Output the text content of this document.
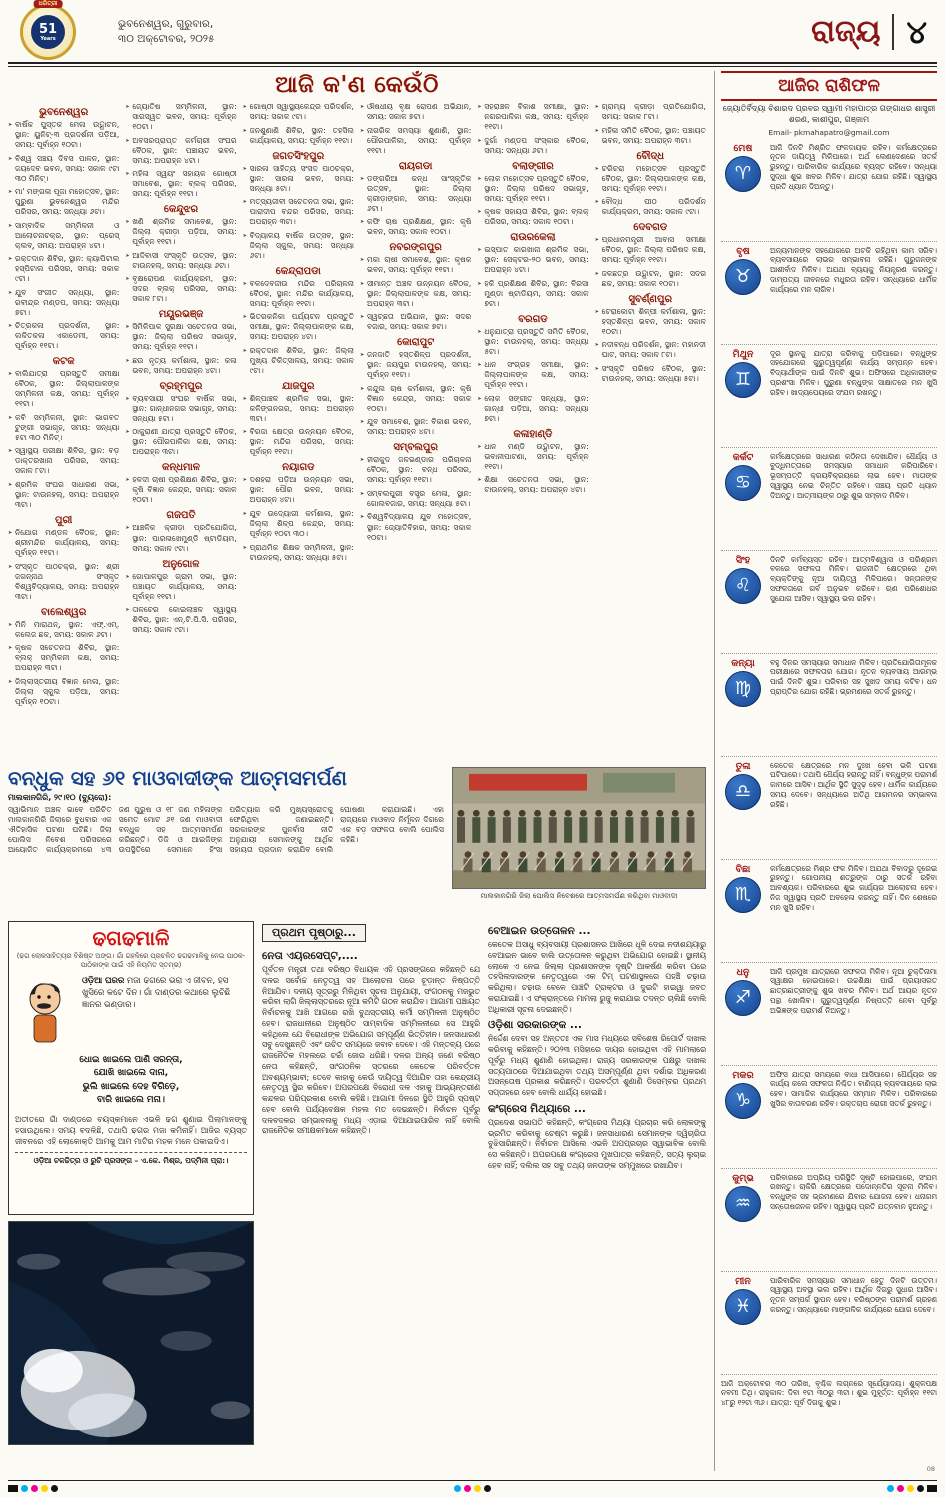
ଧରିତ୍ରୀ
51
Years
ଭୁବନେଶ୍ୱର, ଗୁରୁବାର,
୩୦ ଅକ୍ଟୋବର, ୨୦୨୫	ରାଜ୍ୟ ୪
ଆଜି କ'ଣ କେଉଁଠି
ଭୁବନେଶ୍ୱର
➤ ବାର୍ଷିକ ପୁସ୍ତକ ମେଳା ଉଦ୍ଘାଟନ, ସ୍ଥାନ: ୟୁନିଟ୍-୩ ପ୍ରଦର୍ଶନୀ ପଡ଼ିଆ, ସମୟ: ପୂର୍ବାହ୍ନ ୧୦ଟା।
➤ ବିଶ୍ୱ ସଞ୍ଚୟ ଦିବସ ପାଳନ, ସ୍ଥାନ: ଜୟଦେବ ଭବନ, ସମୟ: ସକାଳ ୯ଟା ୩୦ ମିନିଟ୍।
➤ ମା' ମଙ୍ଗଳା ପୂଜା ମହୋତ୍ସବ, ସ୍ଥାନ: ପୁରୁଣା ଭୁବନେଶ୍ୱର ମନ୍ଦିର ପରିସର, ସମୟ: ସନ୍ଧ୍ୟା ୬ଟା।
➤ ସାମ୍ବାଦିକ ସମ୍ମିଳନୀ ଓ ଆଲୋଚନାଚକ୍ର, ସ୍ଥାନ: ପ୍ରେସ୍ କ୍ଲବ୍, ସମୟ: ଅପରାହ୍ନ ୪ଟା।
➤ ରକ୍ତଦାନ ଶିବିର, ସ୍ଥାନ: କ୍ୟାପିଟାଲ ହସ୍ପିଟାଲ ପରିସର, ସମୟ: ସକାଳ ୯ଟା।
➤ ଯୁବ ସଂଗୀତ ସନ୍ଧ୍ୟା, ସ୍ଥାନ: ରବୀନ୍ଦ୍ର ମଣ୍ଡପ, ସମୟ: ସନ୍ଧ୍ୟା ୭ଟା।
➤ ଚିତ୍ରକଳା ପ୍ରଦର୍ଶନୀ, ସ୍ଥାନ: ଲଳିତକଳା ଏକାଡେମୀ, ସମୟ: ପୂର୍ବାହ୍ନ ୧୧ଟା।
କଟକ
➤ ବାଲିଯାତ୍ରା ପ୍ରସ୍ତୁତି ସମୀକ୍ଷା ବୈଠକ, ସ୍ଥାନ: ଜିଲ୍ଲାପାଳଙ୍କ ସମ୍ମିଳନୀ କକ୍ଷ, ସମୟ: ପୂର୍ବାହ୍ନ ୧୧ଟା।
➤ କବି ସମ୍ମିଳନୀ, ସ୍ଥାନ: ଭାଗବତ ଟୁଙ୍ଗୀ ସଭାଗୃହ, ସମୟ: ସନ୍ଧ୍ୟା ୫ଟା ୩୦ ମିନିଟ୍।
➤ ସ୍ୱାସ୍ଥ୍ୟ ପରୀକ୍ଷା ଶିବିର, ସ୍ଥାନ: ବଡ଼ ଡାକ୍ତରଖାନା ପରିସର, ସମୟ: ସକାଳ ୮ଟା।
➤ ଶ୍ରମିକ ସଂଘର ସାଧାରଣ ସଭା, ସ୍ଥାନ: ଟାଉନହଲ୍, ସମୟ: ଅପରାହ୍ନ ୩ଟା।
ପୁରୀ
➤ ନିଯୋଗ ମଣ୍ଡଳ ବୈଠକ, ସ୍ଥାନ: ଶ୍ରୀମନ୍ଦିର କାର୍ଯ୍ୟାଳୟ, ସମୟ: ପୂର୍ବାହ୍ନ ୧୧ଟା।
➤ ସଂସ୍କୃତ ପାଠଚକ୍ର, ସ୍ଥାନ: ଶ୍ରୀ ଜଗନ୍ନାଥ ସଂସ୍କୃତ ବିଶ୍ୱବିଦ୍ୟାଳୟ, ସମୟ: ଅପରାହ୍ନ ୩ଟା।
ବାଲେଶ୍ୱର
➤ ମିନି ମାରାଥନ୍, ସ୍ଥାନ: ଏଫ୍.ଏମ୍. କଲେଜ ଛକ, ସମୟ: ସକାଳ ୬ଟା।
➤ କୃଷକ ସଚେତନତା ଶିବିର, ସ୍ଥାନ: ବ୍ଲକ୍ ସମ୍ମିଳନୀ କକ୍ଷ, ସମୟ: ଅପରାହ୍ନ ୩ଟା।
➤ ଜିଲ୍ଲାସ୍ତରୀୟ ବିଜ୍ଞାନ ମେଳା, ସ୍ଥାନ: ଜିଲ୍ଲା ସ୍କୁଲ ପଡ଼ିଆ, ସମୟ: ପୂର୍ବାହ୍ନ ୧୦ଟା।
➤ ଜ୍ୟୋତିଷ ସମ୍ମିଳନୀ, ସ୍ଥାନ: ସାରସ୍ୱତ ଭବନ, ସମୟ: ପୂର୍ବାହ୍ନ ୧୦ଟା।
➤ ଅବସରପ୍ରାପ୍ତ କର୍ମଚାରୀ ସଂଘର ବୈଠକ, ସ୍ଥାନ: ପଞ୍ଚାୟତ ଭବନ, ସମୟ: ଅପରାହ୍ନ ୪ଟା।
➤ ମହିଳା ସ୍ୱୟଂ ସହାୟକ ଗୋଷ୍ଠୀ ସମାବେଶ, ସ୍ଥାନ: ବ୍ଲକ୍ ପରିସର, ସମୟ: ପୂର୍ବାହ୍ନ ୧୧ଟା।
କେନ୍ଦୁଝର
➤ ଖଣି ଶ୍ରମିକ ସମାବେଶ, ସ୍ଥାନ: ଜିଲ୍ଲା କ୍ରୀଡ଼ା ପଡ଼ିଆ, ସମୟ: ପୂର୍ବାହ୍ନ ୧୧ଟା।
➤ ଆଦିବାସୀ ସଂସ୍କୃତି ଉତ୍ସବ, ସ୍ଥାନ: ଟାଉନହଲ୍, ସମୟ: ସନ୍ଧ୍ୟା ୬ଟା।
➤ ବୃକ୍ଷରୋପଣ କାର୍ଯ୍ୟକ୍ରମ, ସ୍ଥାନ: ସଦର ବ୍ଲକ୍ ପରିସର, ସମୟ: ସକାଳ ୮ଟା।
ମୟୂରଭଞ୍ଜ
➤ ସିମିଳିପାଳ ସୁରକ୍ଷା ସଚେତନତା ସଭା, ସ୍ଥାନ: ଜିଲ୍ଲା ପରିଷଦ ସଭାଗୃହ, ସମୟ: ପୂର୍ବାହ୍ନ ୧୧ଟା।
➤ ଛଉ ନୃତ୍ୟ କର୍ମଶାଳା, ସ୍ଥାନ: କଳା ଭବନ, ସମୟ: ଅପରାହ୍ନ ୪ଟା।
ବ୍ରହ୍ମପୁର
➤ ବ୍ୟବସାୟୀ ସଂଘର ବାର୍ଷିକ ସଭା, ସ୍ଥାନ: ଗାନ୍ଧୀନଗର ସଭାଗୃହ, ସମୟ: ସନ୍ଧ୍ୟା ୫ଟା।
➤ ଠାକୁରାଣୀ ଯାତ୍ରା ପ୍ରସ୍ତୁତି ବୈଠକ, ସ୍ଥାନ: ପୌରପାଳିକା କକ୍ଷ, ସମୟ: ଅପରାହ୍ନ ୩ଟା।
କନ୍ଧମାଳ
➤ ହଳଦୀ ଚାଷୀ ପ୍ରଶିକ୍ଷଣ ଶିବିର, ସ୍ଥାନ: କୃଷି ବିଜ୍ଞାନ କେନ୍ଦ୍ର, ସମୟ: ସକାଳ ୧୦ଟା।
ଗଜପତି
➤ ଆଞ୍ଚଳିକ କ୍ରୀଡ଼ା ପ୍ରତିଯୋଗିତା, ସ୍ଥାନ: ପାରଳାଖେମୁଣ୍ଡି ଷ୍ଟାଡିୟମ, ସମୟ: ସକାଳ ୯ଟା।
ଅନୁଗୋଳ
➤ ଗୋପାଳପୁର ଗ୍ରାମ ସଭା, ସ୍ଥାନ: ପଞ୍ଚାୟତ କାର୍ଯ୍ୟାଳୟ, ସମୟ: ପୂର୍ବାହ୍ନ ୧୧ଟା।
➤ ତାଳଚେର କୋଇଲାଞ୍ଚଳ ସ୍ୱାସ୍ଥ୍ୟ ଶିବିର, ସ୍ଥାନ: ଏନ୍.ଟି.ପି.ସି. ପରିସର, ସମୟ: ସକାଳ ୯ଟା।
➤ ଗୋଷ୍ଠୀ ସ୍ୱାସ୍ଥ୍ୟକେନ୍ଦ୍ର ପରିଦର୍ଶନ, ସମୟ: ସକାଳ ୯ଟା।
➤ ଜନଶୁଣାଣି ଶିବିର, ସ୍ଥାନ: ତହସିଲ କାର୍ଯ୍ୟାଳୟ, ସମୟ: ପୂର୍ବାହ୍ନ ୧୧ଟା।
ଜଗତସିଂହପୁର
➤ ସାରଳା ସାହିତ୍ୟ ସଂସଦ ପାଠଚକ୍ର, ସ୍ଥାନ: ସାରଳା ଭବନ, ସମୟ: ସନ୍ଧ୍ୟା ୫ଟା।
➤ ମତ୍ସ୍ୟଜୀବୀ ସଚେତନତା ସଭା, ସ୍ଥାନ: ପାରାଦୀପ ବନ୍ଦର ପରିସର, ସମୟ: ଅପରାହ୍ନ ୩ଟା।
➤ ବିଦ୍ୟାଳୟ ବାର୍ଷିକ ଉତ୍ସବ, ସ୍ଥାନ: ଜିଲ୍ଲା ସ୍କୁଲ, ସମୟ: ସନ୍ଧ୍ୟା ୬ଟା।
କେନ୍ଦ୍ରାପଡା
➤ ବଳଦେବଜୀଉ ମନ୍ଦିର ପରିଚାଳନା ବୈଠକ, ସ୍ଥାନ: ମନ୍ଦିର କାର୍ଯ୍ୟାଳୟ, ସମୟ: ପୂର୍ବାହ୍ନ ୧୧ଟା।
➤ ଭିତରକନିକା ପର୍ଯ୍ୟଟନ ପ୍ରସ୍ତୁତି ସମୀକ୍ଷା, ସ୍ଥାନ: ଜିଲ୍ଲାପାଳଙ୍କ କକ୍ଷ, ସମୟ: ଅପରାହ୍ନ ୪ଟା।
➤ ରକ୍ତଦାନ ଶିବିର, ସ୍ଥାନ: ଜିଲ୍ଲା ମୁଖ୍ୟ ଚିକିତ୍ସାଳୟ, ସମୟ: ସକାଳ ୯ଟା।
ଯାଜପୁର
➤ ଶିଳ୍ପାଞ୍ଚଳ ଶ୍ରମିକ ସଭା, ସ୍ଥାନ: କଳିଙ୍ଗନଗର, ସମୟ: ଅପରାହ୍ନ ୩ଟା।
➤ ବିରଜା କ୍ଷେତ୍ର ଉନ୍ନୟନ ବୈଠକ, ସ୍ଥାନ: ମନ୍ଦିର ପରିସର, ସମୟ: ପୂର୍ବାହ୍ନ ୧୧ଟା।
ନୟାଗଡ
➤ ଦଶହରା ପଡ଼ିଆ ଉନ୍ନୟନ ସଭା, ସ୍ଥାନ: ପୌର ଭବନ, ସମୟ: ଅପରାହ୍ନ ୪ଟା।
➤ ଯୁବ ଉଦ୍ୟୋଗୀ କର୍ମଶାଳା, ସ୍ଥାନ: ଜିଲ୍ଲା ଶିଳ୍ପ କେନ୍ଦ୍ର, ସମୟ: ପୂର୍ବାହ୍ନ ୧୦ଟା ୩୦।
➤ ପ୍ରାଥମିକ ଶିକ୍ଷକ ସମ୍ମିଳନୀ, ସ୍ଥାନ: ଟାଉନହଲ୍, ସମୟ: ସନ୍ଧ୍ୟା ୫ଟା।
➤ ଔଷଧୀୟ ବୃକ୍ଷ ରୋପଣ ଅଭିଯାନ, ସମୟ: ସକାଳ ୭ଟା।
➤ ନାଗରିକ ସମସ୍ୟା ଶୁଣାଣି, ସ୍ଥାନ: ପୌରପାଳିକା, ସମୟ: ପୂର୍ବାହ୍ନ ୧୧ଟା।
ରାୟଗଡା
➤ ଡଙ୍ଗରିଆ କନ୍ଧ ସାଂସ୍କୃତିକ ଉତ୍ସବ, ସ୍ଥାନ: ଜିଲ୍ଲା କ୍ରୀଡ଼ାଙ୍ଗନ, ସମୟ: ସନ୍ଧ୍ୟା ୬ଟା।
➤ କଫି ଚାଷ ପ୍ରଶିକ୍ଷଣ, ସ୍ଥାନ: କୃଷି ଭବନ, ସମୟ: ସକାଳ ୧୦ଟା।
ନବରଙ୍ଗପୁର
➤ ମକା ଚାଷୀ ସମାବେଶ, ସ୍ଥାନ: କୃଷକ ଭବନ, ସମୟ: ପୂର୍ବାହ୍ନ ୧୧ଟା।
➤ ସୀମାନ୍ତ ଅଞ୍ଚଳ ଉନ୍ନୟନ ବୈଠକ, ସ୍ଥାନ: ଜିଲ୍ଲାପାଳଙ୍କ କକ୍ଷ, ସମୟ: ଅପରାହ୍ନ ୩ଟା।
➤ ସ୍ୱଚ୍ଛତା ଅଭିଯାନ, ସ୍ଥାନ: ସଦର ବଜାର, ସମୟ: ସକାଳ ୭ଟା।
କୋରାପୁଟ
➤ ଜନଜାତି ହସ୍ତଶିଳ୍ପ ପ୍ରଦର୍ଶନୀ, ସ୍ଥାନ: ଜୟପୁର ଟାଉନହଲ୍, ସମୟ: ପୂର୍ବାହ୍ନ ୧୧ଟା।
➤ କନ୍ଦୁଲ ଚାଷ କର୍ମଶାଳା, ସ୍ଥାନ: କୃଷି ବିଜ୍ଞାନ କେନ୍ଦ୍ର, ସମୟ: ସକାଳ ୧୦ଟା।
➤ ଯୁବ ସମାବେଶ, ସ୍ଥାନ: ବିକାଶ ଭବନ, ସମୟ: ଅପରାହ୍ନ ୪ଟା।
ସମ୍ବଲପୁର
➤ ହୀରାକୁଦ ଜଳଭଣ୍ଡାର ପରିଚାଳନା ବୈଠକ, ସ୍ଥାନ: ବନ୍ଧ ପରିସର, ସମୟ: ପୂର୍ବାହ୍ନ ୧୧ଟା।
➤ ସମ୍ବଲପୁରୀ ବସ୍ତ୍ର ମେଳା, ସ୍ଥାନ: ଗୋଲବଜାର, ସମୟ: ସନ୍ଧ୍ୟା ୫ଟା।
➤ ବିଶ୍ୱବିଦ୍ୟାଳୟ ଯୁବ ମହୋତ୍ସବ, ସ୍ଥାନ: ଜ୍ୟୋତିବିହାର, ସମୟ: ସକାଳ ୧୦ଟା।
➤ ସହରାଞ୍ଚଳ ବିକାଶ ସମୀକ୍ଷା, ସ୍ଥାନ: ନଗରପାଳିକା କକ୍ଷ, ସମୟ: ପୂର୍ବାହ୍ନ ୧୧ଟା।
➤ ଦୁର୍ଗା ମଣ୍ଡପ ସଂସ୍କାର ବୈଠକ, ସମୟ: ସନ୍ଧ୍ୟା ୬ଟା।
ବଲାଙ୍ଗୀର
➤ ଲୋକ ମହୋତ୍ସବ ପ୍ରସ୍ତୁତି ବୈଠକ, ସ୍ଥାନ: ଜିଲ୍ଲା ପରିଷଦ ସଭାଗୃହ, ସମୟ: ପୂର୍ବାହ୍ନ ୧୧ଟା।
➤ କୃଷକ ସହାୟତା ଶିବିର, ସ୍ଥାନ: ବ୍ଲକ୍ ପରିସର, ସମୟ: ସକାଳ ୧୦ଟା।
ରାଉରକେଲା
➤ ଇସ୍ପାତ କାରଖାନା ଶ୍ରମିକ ସଭା, ସ୍ଥାନ: ସେକ୍ଟର-୨୦ ଭବନ, ସମୟ: ଅପରାହ୍ନ ୪ଟା।
➤ ହକି ପ୍ରଶିକ୍ଷଣ ଶିବିର, ସ୍ଥାନ: ବିରସା ମୁଣ୍ଡା ଷ୍ଟାଡିୟମ, ସମୟ: ସକାଳ ୭ଟା।
ବରଗଡ
➤ ଧନୁଯାତ୍ରା ପ୍ରସ୍ତୁତି ସମିତି ବୈଠକ, ସ୍ଥାନ: ଟାଉନହଲ୍, ସମୟ: ସନ୍ଧ୍ୟା ୫ଟା।
➤ ଧାନ ସଂଗ୍ରହ ସମୀକ୍ଷା, ସ୍ଥାନ: ଜିଲ୍ଲାପାଳଙ୍କ କକ୍ଷ, ସମୟ: ପୂର୍ବାହ୍ନ ୧୧ଟା।
➤ ଲୋକ ସଙ୍ଗୀତ ସନ୍ଧ୍ୟା, ସ୍ଥାନ: ଗାନ୍ଧୀ ପଡ଼ିଆ, ସମୟ: ସନ୍ଧ୍ୟା ୭ଟା।
କଳାହାଣ୍ଡି
➤ ଧାନ ମଣ୍ଡି ଉଦ୍ଘାଟନ, ସ୍ଥାନ: ଭବାନୀପାଟଣା, ସମୟ: ପୂର୍ବାହ୍ନ ୧୧ଟା।
➤ ଶିକ୍ଷା ସଚେତନତା ସଭା, ସ୍ଥାନ: ଟାଉନହଲ୍, ସମୟ: ଅପରାହ୍ନ ୪ଟା।
➤ ଗ୍ରାମ୍ୟ କ୍ରୀଡ଼ା ପ୍ରତିଯୋଗିତା, ସମୟ: ସକାଳ ୮ଟା।
➤ ମହିଳା ସମିତି ବୈଠକ, ସ୍ଥାନ: ପଞ୍ଚାୟତ ଭବନ, ସମୟ: ଅପରାହ୍ନ ୩ଟା।
ବୌଦ୍ଧ
➤ ଚରିଚରା ମହୋତ୍ସବ ପ୍ରସ୍ତୁତି ବୈଠକ, ସ୍ଥାନ: ଜିଲ୍ଲାପାଳଙ୍କ କକ୍ଷ, ସମୟ: ପୂର୍ବାହ୍ନ ୧୧ଟା।
➤ ବୌଦ୍ଧ ପୀଠ ପରିଦର୍ଶନ କାର୍ଯ୍ୟକ୍ରମ, ସମୟ: ସକାଳ ୯ଟା।
ଦେବଗଡ
➤ ପ୍ରଧାନମନ୍ତ୍ରୀ ଆବାସ ସମୀକ୍ଷା ବୈଠକ, ସ୍ଥାନ: ଜିଲ୍ଲା ପରିଷଦ କକ୍ଷ, ସମୟ: ପୂର୍ବାହ୍ନ ୧୧ଟା।
➤ ଜଳଛତ୍ର ଉଦ୍ଘାଟନ, ସ୍ଥାନ: ସଦର ଛକ, ସମୟ: ସକାଳ ୧୦ଟା।
ସୁବର୍ଣ୍ଣପୁର
➤ ଟେରାକୋଟା ଶିଳ୍ପୀ କର୍ମଶାଳା, ସ୍ଥାନ: ହସ୍ତଶିଳ୍ପ ଭବନ, ସମୟ: ସକାଳ ୧୦ଟା।
➤ ନଦୀବନ୍ଧ ପରିଦର୍ଶନ, ସ୍ଥାନ: ମହାନଦୀ ଘାଟ, ସମୟ: ସକାଳ ୮ଟା।
➤ ସଂସ୍କୃତି ପରିଷଦ ବୈଠକ, ସ୍ଥାନ: ଟାଉନହଲ୍, ସମୟ: ସନ୍ଧ୍ୟା ୫ଟା।
ବନ୍ଧୁକ ସହ ୬୧ ମାଓବାଦୀଙ୍କ ଆତ୍ମସମର୍ପଣ
ମାଲକାନଗିରି, ୨୯।୧୦ (ବ୍ୟୁରୋ):
ସ୍ୱାଭିମାନ ଅଞ୍ଚଳ ଭାବେ ପରିଚିତ ମାଲକାନଗିରି ଜିଲାରେ ବୁଧବାର ଏକ ଐତିହାସିକ ଘଟଣା ଘଟିଛି। ଜିଲା ପୋଲିସ ନିବେଶ ପରିସରରେ ଆୟୋଜିତ କାର୍ଯ୍ୟକ୍ରମରେ ୪୩ ଜଣ ପୁରୁଷ ଓ ୧୮ ଜଣ ମହିଳାଙ୍କ ସମେତ ମୋଟ ୬୧ ଜଣ ମାଓବାଦୀ ବନ୍ଧୁକ ସହ ଆତ୍ମସମର୍ପଣ କରିଛନ୍ତି। ଡିଜି ଓ ଆଇଜିଙ୍କ ଉପସ୍ଥିତିରେ ସେମାନେ ହିଂସା ପରିତ୍ୟାଗ କରି ମୁଖ୍ୟସ୍ରୋତକୁ ଫେରିଥିବା ଜଣାଇଛନ୍ତି। ସରକାରଙ୍କ ପୁନର୍ବାସ ନୀତି ଅନୁଯାୟୀ ସେମାନଙ୍କୁ ଆର୍ଥିକ ସହାୟତା ପ୍ରଦାନ କରାଯିବ ବୋଲି ଘୋଷଣା କରାଯାଇଛି। ଏହା ରାଜ୍ୟରେ ମାଓବାଦ ନିର୍ମୂଳନ ଦିଗରେ ଏକ ବଡ଼ ସଫଳତା ବୋଲି ପୋଲିସ କହିଛି।
ମାଲକାନଗିରି ଜିଲା ପୋଲିସ ନିବେଶରେ ଆତ୍ମସମର୍ପଣ କରିଥିବା ମାଓବାଦୀ
ଢଗଢମାଳି
(ଢଗ ଲୋକସାହିତ୍ୟର ବିଶିଷ୍ଟ ଅଙ୍ଗ। ଗାଁ ଗହଳିରେ ପ୍ରଚଳିତ ଢଗଢମାଳିକୁ ନେଇ ପାଠକ-ପାଠିକାଙ୍କ ପାଇଁ ଏହି ନିୟମିତ ସ୍ତମ୍ଭ)
ଓଡ଼ିଆ ଘରର ମଜା ଢଗରେ ଭରା ଏ ଜୀବନ, ହସ ଖୁସିରେ କଟେ ଦିନ। ଗାଁ ଦାଣ୍ଡର କଥାରେ ଲୁଚିଛି ଜ୍ଞାନର ଭଣ୍ଡାର।
ଧୋଇ ଖାଇଲେ ପାଣି ସରନ୍ତା,
ଯୋଖି ଖାଇଲେ ଦାନା,
ଭୁଲି ଖାଇଲେ ଦେହ ବିଗିଡ଼େ,
ବାରି ଖାଇଲେ ମନା।
ଅତୀତରେ ଗାଁ ଦାଣ୍ଡରେ ବୟସ୍କମାନେ ଏଭଳି ଢଗ ଶୁଣାଇ ପିଲାମାନଙ୍କୁ ହସାଉଥିଲେ। ସମୟ ବଦଳିଛି, ତଥାପି ଢଗର ମଜା କମିନାହିଁ। ଆଜିର ବ୍ୟସ୍ତ ଜୀବନରେ ଏହି ଲୋକୋକ୍ତି ଆମକୁ ଆମ ମାଟିର ମହକ ମନେ ପକାଇଦିଏ।
ଓଡ଼ିଆ ଚଳଚ୍ଚିତ୍ର ଓ ରୁଚି ପ୍ରସଙ୍ଗ – ଏ.କେ. ମିଶ୍ର, ପଦ୍ମିନୀ ପ୍ରା:।
ପ୍ରଥମ ପୃଷ୍ଠାରୁ...
ନେତା ଏୟରସେପ୍ଟ,....
ପୂର୍ବତନ ମନ୍ତ୍ରୀ ତଥା ବରିଷ୍ଠ ବିଧାୟକ ଏହି ପ୍ରସଙ୍ଗରେ କହିଛନ୍ତି ଯେ ଦଳର ସର୍ବୋଚ୍ଚ ନେତୃତ୍ୱ ସହ ଆଲୋଚନା ପରେ ଚୂଡ଼ାନ୍ତ ନିଷ୍ପତ୍ତି ନିଆଯିବ। ଦଳୀୟ ସୂତ୍ରରୁ ମିଳିଥିବା ସୂଚନା ଅନୁଯାୟୀ, ସଂଗଠନକୁ ମଜଭୁତ କରିବା ଲାଗି ଜିଲ୍ଲାସ୍ତରରେ ନୂଆ କମିଟି ଗଠନ କରାଯିବ। ଆଗାମୀ ପଞ୍ଚାୟତ ନିର୍ବାଚନକୁ ଆଖି ଆଗରେ ରଖି ବୁଥସ୍ତରୀୟ କର୍ମୀ ସମ୍ମିଳନୀ ଅନୁଷ୍ଠିତ ହେବ। ରାଜଧାନୀରେ ଅନୁଷ୍ଠିତ ସାମ୍ବାଦିକ ସମ୍ମିଳନୀରେ ସେ ଆହୁରି କହିଥିଲେ ଯେ ବିରୋଧୀଙ୍କ ଅଭିଯୋଗ ସମ୍ପୂର୍ଣ୍ଣ ଭିତ୍ତିହୀନ। ଜନସାଧାରଣ ସବୁ ଦେଖୁଛନ୍ତି ଏବଂ ଉଚିତ ସମୟରେ ଜବାବ ଦେବେ। ଏହି ମନ୍ତବ୍ୟ ପରେ ରାଜନୈତିକ ମହଲରେ ଚର୍ଚ୍ଚା ଜୋର ଧରିଛି। ଦଳର ଅନ୍ୟ ଜଣେ ବରିଷ୍ଠ ନେତା କହିଛନ୍ତି, ସାଂଗଠନିକ ସ୍ତରରେ କେତେକ ପରିବର୍ତ୍ତନ ଅବଶ୍ୟମ୍ଭାବୀ; ତେବେ କାହାକୁ କେଉଁ ଦାୟିତ୍ୱ ଦିଆଯିବ ତାହା କେନ୍ଦ୍ରୀୟ ନେତୃତ୍ୱ ସ୍ଥିର କରିବେ। ଅପରପକ୍ଷେ ବିରୋଧୀ ଦଳ ଏହାକୁ ଆଭ୍ୟନ୍ତରୀଣ କନ୍ଦଳର ପରିପ୍ରକାଶ ବୋଲି କହିଛି। ଆଗାମୀ ଦିନରେ ସ୍ଥିତି ଆହୁରି ସ୍ପଷ୍ଟ ହେବ ବୋଲି ପର୍ଯ୍ୟବେକ୍ଷକ ମହଲ ମତ ଦେଇଛନ୍ତି। ନିର୍ବାଚନ ପୂର୍ବରୁ ଦଳବଦଳର ସମ୍ଭାବନାକୁ ମଧ୍ୟ ଏଡ଼ାଇ ଦିଆଯାଇପାରିବ ନାହିଁ ବୋଲି ରାଜନୈତିକ ସମୀକ୍ଷକମାନେ କହିଛନ୍ତି।
ବେଆଇନ ଉତ୍ତୋଳନ ...
କେତେକ ଅସାଧୁ ବ୍ୟବସାୟୀ ପ୍ରଶାସନର ଆଖିରେ ଧୂଳି ଦେଇ ନଦୀଶଯ୍ୟାରୁ ବେଆଇନ ଭାବେ ବାଲି ଉତ୍ତୋଳନ କରୁଥିବା ଅଭିଯୋଗ ହୋଇଛି। ସ୍ଥାନୀୟ ଲୋକେ ଏ ନେଇ ଜିଲ୍ଲା ପ୍ରଶାସନଙ୍କ ଦୃଷ୍ଟି ଆକର୍ଷଣ କରିବା ପରେ ତହସିଲଦାରଙ୍କ ନେତୃତ୍ୱରେ ଏକ ଟିମ୍ ଘଟଣାସ୍ଥଳରେ ପହଞ୍ଚି ଚଢ଼ାଉ କରିଥିଲା। ଚଢ଼ାଉ ବେଳେ ପାଞ୍ଚଟି ଟ୍ରାକ୍ଟର ଓ ଦୁଇଟି ହାଇୱା ଜବତ କରାଯାଇଛି। ଏ ସଂକ୍ରାନ୍ତରେ ମାମଲା ରୁଜୁ କରାଯାଇ ତଦନ୍ତ ଚାଲିଛି ବୋଲି ଅଧିକାରୀ ସୂଚନା ଦେଇଛନ୍ତି।
ଓଡ଼ିଶା ସରକାରଙ୍କ ...
ନିର୍ଦ୍ଦେଶ ଦେବା ସହ ଅନ୍ତତଃ ଏକ ମାସ ମଧ୍ୟରେ ସବିଶେଷ ରିପୋର୍ଟ ଦାଖଲ କରିବାକୁ କହିଛନ୍ତି। ୨୦୨୩ ମସିହାରେ ଦାୟର ହୋଇଥିବା ଏହି ମାମଲାରେ ପୂର୍ବରୁ ମଧ୍ୟ ଶୁଣାଣି ହୋଇଥିଲା। ରାଜ୍ୟ ସରକାରଙ୍କ ପକ୍ଷରୁ ଦାଖଲ ସତ୍ୟପାଠରେ ଦିଆଯାଇଥିବା ତଥ୍ୟ ଅସମ୍ପୂର୍ଣ୍ଣ ଥିବା ଦର୍ଶାଇ ଅଧିକରଣ ଅସନ୍ତୋଷ ପ୍ରକାଶ କରିଛନ୍ତି। ପରବର୍ତ୍ତୀ ଶୁଣାଣି ଡିସେମ୍ବର ପ୍ରଥମ ସପ୍ତାହରେ ହେବ ବୋଲି ଧାର୍ଯ୍ୟ ହୋଇଛି।
କଂଗ୍ରେସ ମିଥ୍ୟାରେ ...
ପ୍ରଦେଶ ସଭାପତି କହିଛନ୍ତି, କଂଗ୍ରେସ ମିଥ୍ୟା ପ୍ରଚାର କରି ଲୋକଙ୍କୁ ଭ୍ରମିତ କରିବାକୁ ଚେଷ୍ଟା କରୁଛି। ଜନସାଧାରଣ ସେମାନଙ୍କ ଦ୍ୱିଚାରିତା ବୁଝିସାରିଛନ୍ତି। ନିର୍ବାଚନ ଆସିଲେ ଏଭଳି ଅପପ୍ରଚାର ସ୍ୱାଭାବିକ ବୋଲି ସେ କହିଛନ୍ତି। ଅପରପକ୍ଷେ କଂଗ୍ରେସ ମୁଖପାତ୍ର କହିଛନ୍ତି, ସତ୍ୟ ଲୁଚାଇ ହେବ ନାହିଁ; ଦଲିଲ ସହ ସବୁ ତଥ୍ୟ ଜନତାଙ୍କ ସମ୍ମୁଖରେ ରଖାଯିବ।
ଆଜିର ରାଶିଫଳ
ଜ୍ୟୋତିର୍ବିଦ୍ୟା ବିଶାରଦ ପ୍ରବର ସ୍ୱାମୀ ମହାପାତ୍ର ଗଙ୍ଗାଧର ଶାସ୍ତ୍ରୀ ଶରଣ, କାଶୀପୁର, ଗଞ୍ଜାମ
Email- pkmahapatro@gmail.com
ମେଷ
♈
ଆଜି ଦିନଟି ମିଶ୍ରିତ ଫଳଦାୟକ ରହିବ। କର୍ମକ୍ଷେତ୍ରରେ ନୂତନ ଦାୟିତ୍ୱ ମିଳିପାରେ। ଅର୍ଥ ଲେଣଦେଣରେ ସତର୍କ ରୁହନ୍ତୁ। ପାରିବାରିକ କାର୍ଯ୍ୟରେ ବ୍ୟସ୍ତ ରହିବେ। ସନ୍ଧ୍ୟା ସୁଦ୍ଧା ଶୁଭ ଖବର ମିଳିବ। ଯାତ୍ରା ଯୋଗ ରହିଛି। ସ୍ୱାସ୍ଥ୍ୟ ପ୍ରତି ଧ୍ୟାନ ଦିଅନ୍ତୁ।
ବୃଷ
♉
ଅନ୍ୟମାନଙ୍କ ସହଯୋଗରେ ଅଟକି ରହିଥିବା କାମ ସରିବ। ବ୍ୟବସାୟରେ ଲାଭର ସମ୍ଭାବନା ରହିଛି। ଗୁରୁଜନଙ୍କ ଆଶୀର୍ବାଦ ମିଳିବ। ଅଯଥା ବ୍ୟୟକୁ ନିୟନ୍ତ୍ରଣ କରନ୍ତୁ। ଦାମ୍ପତ୍ୟ ଜୀବନରେ ମଧୁରତା ରହିବ। ସନ୍ଧ୍ୟାରେ ଧାର୍ମିକ କାର୍ଯ୍ୟରେ ମନ ଲାଗିବ।
ମିଥୁନ
♊
ଦୂର ସ୍ଥାନକୁ ଯାତ୍ରା କରିବାକୁ ପଡ଼ିପାରେ। ବନ୍ଧୁଙ୍କ ସହଯୋଗରେ ଗୁରୁତ୍ୱପୂର୍ଣ୍ଣ କାର୍ଯ୍ୟ ସମ୍ପନ୍ନ ହେବ। ବିଦ୍ୟାର୍ଥୀଙ୍କ ପାଇଁ ଦିନଟି ଶୁଭ। ଅଫିସରେ ଅଧିକାରୀଙ୍କ ପ୍ରଶଂସା ମିଳିବ। ପୁରୁଣା ବନ୍ଧୁଙ୍କ ସାକ୍ଷାତରେ ମନ ଖୁସି ରହିବ। ଖାଦ୍ୟପେୟରେ ସଂଯମ ରଖନ୍ତୁ।
କର୍କଟ
♋
କର୍ମକ୍ଷେତ୍ରରେ ସାଧାରଣ କଠିନତା ଦେଖାଯିବ। ଧୈର୍ଯ୍ୟ ଓ ବୁଦ୍ଧିମତ୍ତାରେ ସମସ୍ୟାର ସମାଧାନ କରିପାରିବେ। ଭୂସମ୍ପତ୍ତି କ୍ରୟବିକ୍ରୟରେ ଲାଭ ହେବ। ମାତାଙ୍କ ସ୍ୱାସ୍ଥ୍ୟ ନେଇ ଚିନ୍ତିତ ରହିବେ। ସଞ୍ଚୟ ପ୍ରତି ଧ୍ୟାନ ଦିଅନ୍ତୁ। ଆତ୍ମୀୟଙ୍କ ଠାରୁ ଶୁଭ ସମ୍ବାଦ ମିଳିବ।
ସିଂହ
♌
ଦିନଟି କର୍ମବ୍ୟସ୍ତ ରହିବ। ଆତ୍ମବିଶ୍ୱାସ ଓ ପରିଶ୍ରମ ବଳରେ ସଫଳତା ମିଳିବ। ରାଜନୀତି କ୍ଷେତ୍ରରେ ଥିବା ବ୍ୟକ୍ତିଙ୍କୁ ନୂଆ ଦାୟିତ୍ୱ ମିଳିପାରେ। ସନ୍ତାନଙ୍କ ସଫଳତାରେ ଗର୍ବ ଅନୁଭବ କରିବେ। ଋଣ ପରିଶୋଧର ସୁଯୋଗ ଆସିବ। ସ୍ୱାସ୍ଥ୍ୟ ଭଲ ରହିବ।
କନ୍ୟା
♍
ବହୁ ଦିନର ସମସ୍ୟାର ସମାଧାନ ମିଳିବ। ପ୍ରତିଯୋଗିତାମୂଳକ ପରୀକ୍ଷାରେ ସଫଳତାର ଯୋଗ। ନୂତନ ବ୍ୟବସାୟ ଆରମ୍ଭ ପାଇଁ ଦିନଟି ଶୁଭ। ପରିବାର ସହ ସୁଖଦ ସମୟ କଟିବ। ଧନ ପ୍ରାପ୍ତିର ଯୋଗ ରହିଛି। ଭ୍ରମଣରେ ସତର୍କ ରୁହନ୍ତୁ।
ତୁଳା
♎
କେତେକ କ୍ଷେତ୍ରରେ ମନ ଦୁଃଖ ହେବା ଭଳି ଘଟଣା ଘଟିପାରେ। ତଥାପି ଧୈର୍ଯ୍ୟ ହରାନ୍ତୁ ନାହିଁ। ବନ୍ଧୁଙ୍କ ପରାମର୍ଶ କାମରେ ଆସିବ। ଆର୍ଥିକ ସ୍ଥିତି ସୁଦୃଢ଼ ହେବ। ଧାର୍ମିକ କାର୍ଯ୍ୟରେ ସମୟ ଦେବେ। ସନ୍ଧ୍ୟାରେ ଅତିଥି ଆଗମନର ସମ୍ଭାବନା ରହିଛି।
ବିଛା
♏
କର୍ମକ୍ଷେତ୍ରରେ ମିଶ୍ର ଫଳ ମିଳିବ। ଅଯଥା ବିବାଦରୁ ଦୂରେଇ ରୁହନ୍ତୁ। ଗୋପନୀୟ ଶତ୍ରୁଙ୍କ ଠାରୁ ସତର୍କ ରହିବା ଆବଶ୍ୟକ। ପରିବାରରେ ଶୁଭ କାର୍ଯ୍ୟର ଆଲୋଚନା ହେବ। ନିଜ ସ୍ୱାସ୍ଥ୍ୟ ପ୍ରତି ଅବହେଳା କରନ୍ତୁ ନାହିଁ। ଦିନ ଶେଷରେ ମନ ଖୁସି ରହିବ।
ଧନୁ
♐
ଆଜି ପ୍ରମୁଖ ଯାତ୍ରାରେ ସଫଳତା ମିଳିବ। ନୂଆ ଚୁକ୍ତିନାମା ସ୍ୱାକ୍ଷର ହୋଇପାରେ। ଉଚ୍ଚଶିକ୍ଷା ପାଇଁ ପ୍ରୟାସରତ ଛାତ୍ରଛାତ୍ରୀଙ୍କୁ ଶୁଭ ଖବର ମିଳିବ। ଅର୍ଥ ଆୟର ନୂତନ ପନ୍ଥା ଖୋଲିବ। ଗୁରୁତ୍ୱପୂର୍ଣ୍ଣ ନିଷ୍ପତ୍ତି ନେବା ପୂର୍ବରୁ ଅଭିଜ୍ଞଙ୍କ ପରାମର୍ଶ ନିଅନ୍ତୁ।
ମକର
♑
ଅଫିସ ଯାତ୍ରା ସମୟରେ ବାଧା ଆସିପାରେ। ଧୈର୍ଯ୍ୟର ସହ କାର୍ଯ୍ୟ କଲେ ସଫଳତା ନିଶ୍ଚିତ। ବାଣିଜ୍ୟ ବ୍ୟବସାୟରେ ଲାଭ ହେବ। ସାମାଜିକ କାର୍ଯ୍ୟରେ ସମ୍ମାନ ମିଳିବ। ପରିବାରରେ ଖୁସିର ବାତାବରଣ ରହିବ। ରକ୍ତଚାପ ରୋଗୀ ସତର୍କ ରୁହନ୍ତୁ।
କୁମ୍ଭ
♒
ପରିବାରରେ ଅପ୍ରିୟ ପରିସ୍ଥିତି ସୃଷ୍ଟି ହୋଇପାରେ, ସଂଯମ ରଖନ୍ତୁ। ଚାକିରି କ୍ଷେତ୍ରରେ ପଦୋନ୍ନତିର ସୂଚନା ମିଳିବ। ବନ୍ଧୁଙ୍କ ସହ ଭ୍ରମଣରେ ଯିବାର ଯୋଜନା ହେବ। ଧନାଗମ ସନ୍ତୋଷଜନକ ରହିବ। ସ୍ୱାସ୍ଥ୍ୟ ପ୍ରତି ଯତ୍ନବାନ ହୁଅନ୍ତୁ।
ମୀନ
♓
ପାରିବାରିକ ସମସ୍ୟାର ସମାଧାନ ହେତୁ ଦିନଟି ଉତ୍ତମ। ସ୍ୱାସ୍ଥ୍ୟ ଅବସ୍ଥା ଭଲ ରହିବ। ଆର୍ଥିକ ଦିଗରୁ ସୁଧାର ଆସିବ। ନୂତନ ସମ୍ପର୍କ ସ୍ଥାପନ ହେବ। ବରିଷ୍ଠଙ୍କ ପରାମର୍ଶ ଗ୍ରହଣ କରନ୍ତୁ। ସନ୍ଧ୍ୟାରେ ମାଙ୍ଗଳିକ କାର୍ଯ୍ୟରେ ଯୋଗ ଦେବେ।
ଆଜି ଅକ୍ଟୋବର ୩୦ ତାରିଖ, ବୃଶ୍ଚିକ ଲଗ୍ନରେ ସୂର୍ଯ୍ୟୋଦୟ। ଶୁକ୍ଳପକ୍ଷ ନବମୀ ତିଥି। ରାହୁକାଳ: ଦିବା ୧ଟା ୩୦ରୁ ୩ଟା। ଶୁଭ ମୁହୂର୍ତ୍ତ: ପୂର୍ବାହ୍ନ ୧୧ଟା ୪୮ରୁ ୧୨ଟା ୩୬। ଯାତ୍ରା: ପୂର୍ବ ଦିଗକୁ ଶୁଭ।
08
